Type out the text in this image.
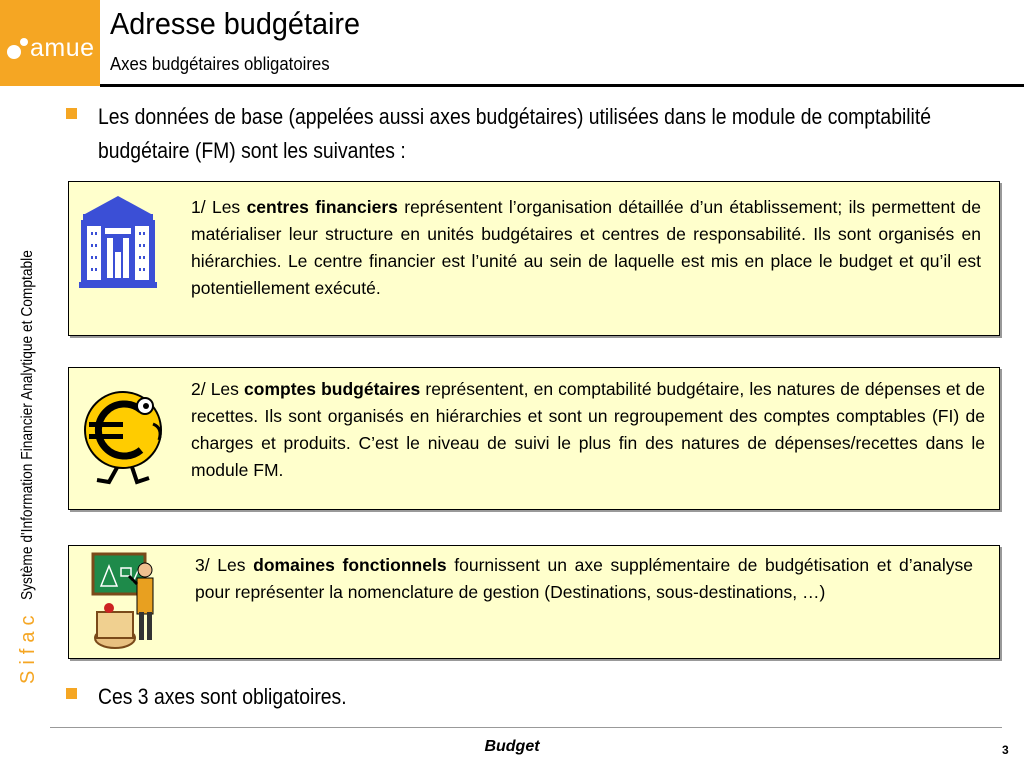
amue
Adresse budgétaire
Axes budgétaires obligatoires
Sifac
Système d'Information Financier Analytique et Comptable
Les données de base (appelées aussi axes budgétaires) utilisées dans le module de comptabilité budgétaire (FM) sont les suivantes :
1/ Les centres financiers représentent l’organisation détaillée d’un établissement; ils permettent de matérialiser leur structure en unités budgétaires et centres de responsabilité. Ils sont organisés en hiérarchies. Le centre financier est l’unité au sein de laquelle est mis en place le budget et qu’il est potentiellement exécuté.
2/ Les comptes budgétaires représentent, en comptabilité budgétaire, les natures de dépenses et de recettes. Ils sont organisés en hiérarchies et sont un regroupement des comptes comptables (FI) de charges et produits. C’est le niveau de suivi le plus fin des natures de dépenses/recettes dans le module FM.
3/ Les domaines fonctionnels fournissent un axe supplémentaire de budgétisation et d’analyse pour représenter la nomenclature de gestion (Destinations, sous-destinations, …)
Ces 3 axes sont obligatoires.
Budget	3
